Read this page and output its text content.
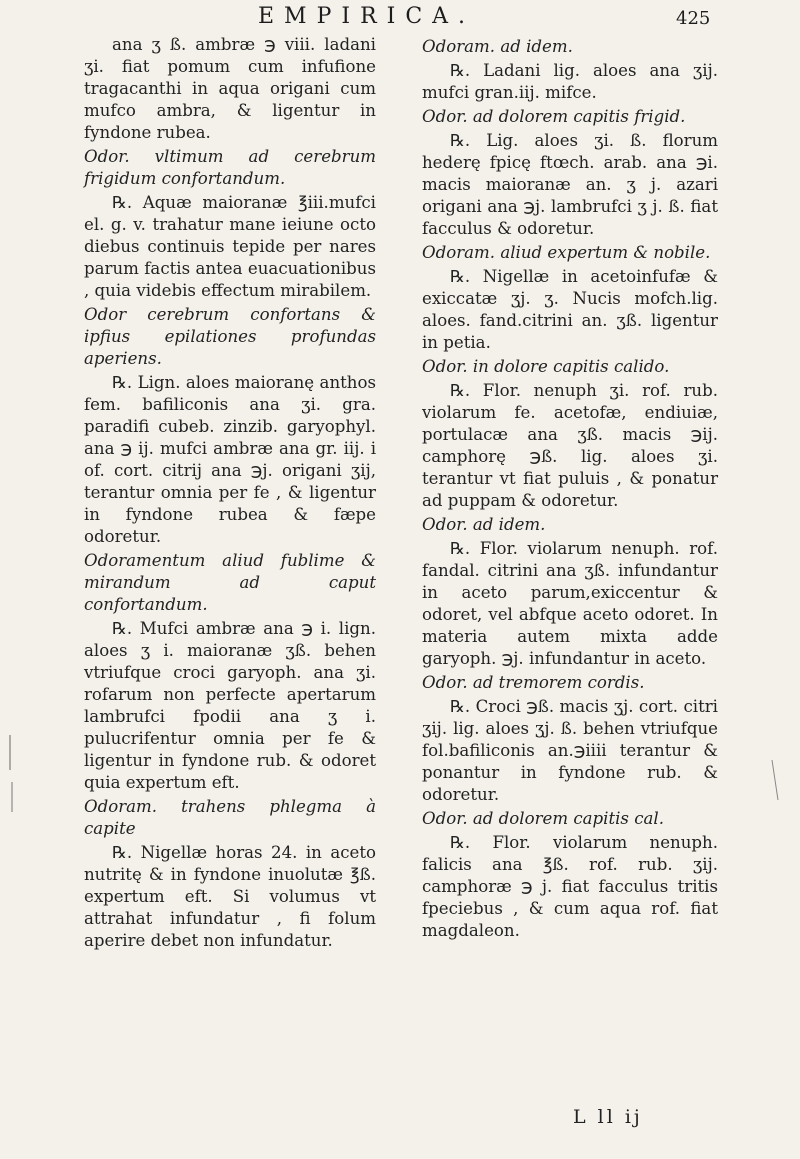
EMPIRICA.	425

ana ʒ ß. ambræ ℈ viii. ladani ʒi. fiat pomum cum infufione tragacanthi in aqua origani cum mufco ambra, & ligentur in fyndone rubea.

Odor. vltimum ad cerebrum frigidum confortandum.

℞. Aquæ maioranæ ℥iii.mufci el. g. v. trahatur mane ieiune octo diebus continuis tepide per nares parum factis antea euacuationibus , quia videbis effectum mirabilem.

Odor cerebrum confortans & ipfius epilationes profundas aperiens.

℞. Lign. aloes maioranę anthos fem. bafiliconis ana ʒi. gra. paradifi cubeb. zinzib. garyophyl. ana ℈ ij. mufci ambræ ana gr. iij. i of. cort. citrij ana ℈j. origani ʒij, terantur omnia per fe , & ligentur in fyndone rubea & fæpe odoretur.

Odoramentum aliud fublime & mirandum ad caput confortandum.

℞. Mufci ambræ ana ℈ i. lign. aloes ʒ i. maioranæ ʒß. behen vtriufque croci garyoph. ana ʒi. rofarum non perfecte apertarum lambrufci fpodii ana ʒ i. pulucrifentur omnia per fe & ligentur in fyndone rub. & odoret quia expertum eft.

Odoram. trahens phlegma à capite

℞. Nigellæ horas 24. in aceto nutritę & in fyndone inuolutæ ℥ß. expertum eft. Si volumus vt attrahat infundatur , fi folum aperire debet non infundatur.

Odoram. ad idem.

℞. Ladani lig. aloes ana ʒij. mufci gran.iij. mifce.

Odor. ad dolorem capitis frigid.

℞. Lig. aloes ʒi. ß. florum hederę fpicę ftœch. arab. ana ℈i. macis maioranæ an. ʒ j. azari origani ana ℈j. lambrufci ʒ j. ß. fiat facculus & odoretur.

Odoram. aliud expertum & nobile.

℞. Nigellæ in acetoinfufæ & exiccatæ ʒj. ʒ. Nucis mofch.lig. aloes. fand.citrini an. ʒß. ligentur in petia.

Odor. in dolore capitis calido.

℞. Flor. nenuph ʒi. rof. rub. violarum fe. acetofæ, endiuiæ, portulacæ ana ʒß. macis ℈ij. camphorę ℈ß. lig. aloes ʒi. terantur vt fiat puluis , & ponatur ad puppam & odoretur.

Odor. ad idem.

℞. Flor. violarum nenuph. rof. fandal. citrini ana ʒß. infundantur in aceto parum,exiccentur & odoret, vel abfque aceto odoret. In materia autem mixta adde garyoph. ℈j. infundantur in aceto.

Odor. ad tremorem cordis.

℞. Croci ℈ß. macis ʒj. cort. citri ʒij. lig. aloes ʒj. ß. behen vtriufque fol.bafiliconis an.℈iiii terantur & ponantur in fyndone rub. & odoretur.

Odor. ad dolorem capitis cal.

℞. Flor. violarum nenuph. falicis ana ℥ß. rof. rub. ʒij. camphoræ ℈ j. fiat facculus tritis fpeciebus , & cum aqua rof. fiat magdaleon.

L ll ij
